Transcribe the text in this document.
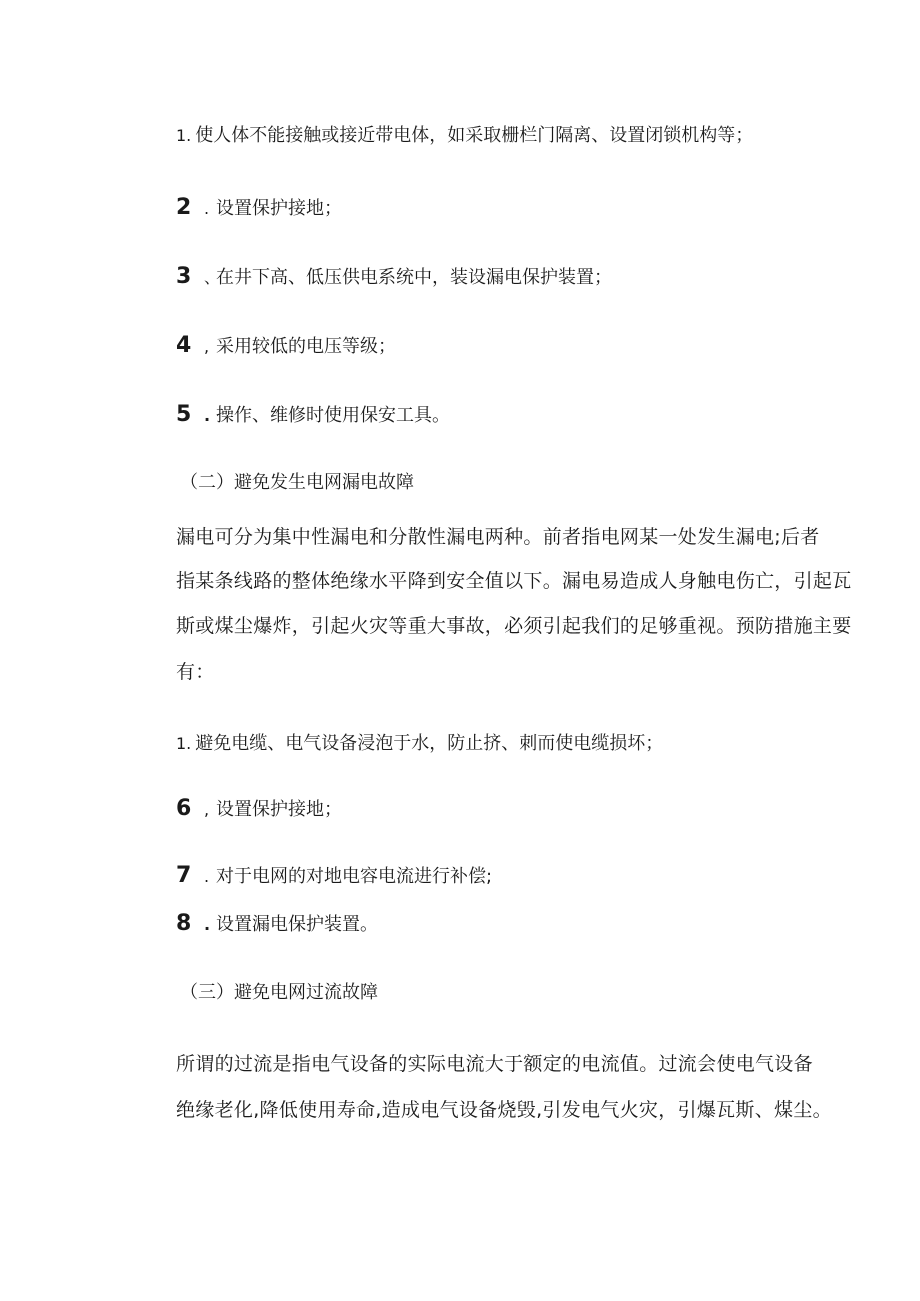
1. 使人体不能接触或接近带电体，如采取栅栏门隔离、设置闭锁机构等；
2 . 设置保护接地；
3 、在井下高、低压供电系统中，装设漏电保护装置；
4 , 采用较低的电压等级；
5 . 操作、维修时使用保安工具。
（二）避免发生电网漏电故障
漏电可分为集中性漏电和分散性漏电两种。前者指电网某一处发生漏电;后者
指某条线路的整体绝缘水平降到安全值以下。漏电易造成人身触电伤亡，引起瓦
斯或煤尘爆炸，引起火灾等重大事故，必须引起我们的足够重视。预防措施主要
有：
1. 避免电缆、电气设备浸泡于水，防止挤、刺而使电缆损坏；
6 , 设置保护接地；
7 . 对于电网的对地电容电流进行补偿;
8 . 设置漏电保护装置。
（三）避免电网过流故障
所谓的过流是指电气设备的实际电流大于额定的电流值。过流会使电气设备
绝缘老化,降低使用寿命,造成电气设备烧毁,引发电气火灾，引爆瓦斯、煤尘。
